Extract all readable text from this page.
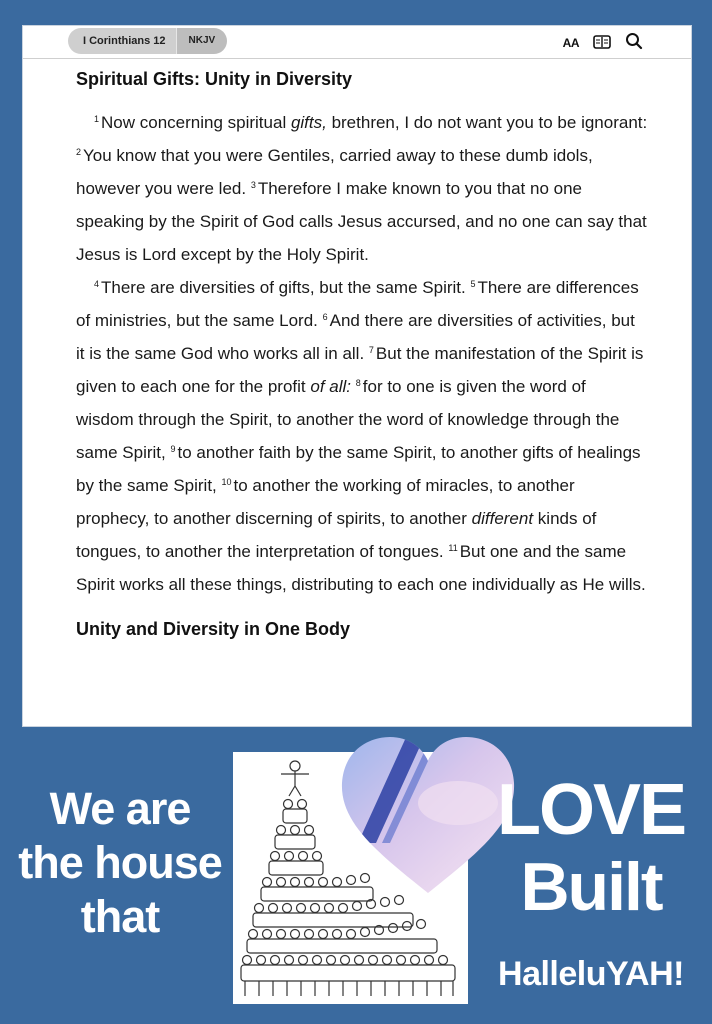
I Corinthians 12	NKJV	AA
Spiritual Gifts: Unity in Diversity

$^1$ Now concerning spiritual gifts, brethren, I do not want you to be ignorant: $^2$ You know that you were Gentiles, carried away to these dumb idols, however you were led. $^3$ Therefore I make known to you that no one speaking by the Spirit of God calls Jesus accursed, and no one can say that Jesus is Lord except by the Holy Spirit.

$^4$ There are diversities of gifts, but the same Spirit. $^5$ There are differences of ministries, but the same Lord. $^6$ And there are diversities of activities, but it is the same God who works all in all. $^7$ But the manifestation of the Spirit is given to each one for the profit of all: $^8$ for to one is given the word of wisdom through the Spirit, to another the word of knowledge through the same Spirit, $^9$ to another faith by the same Spirit, to another gifts of healings by the same Spirit, $^{10}$ to another the working of miracles, to another prophecy, to another discerning of spirits, to another different kinds of tongues, to another the interpretation of tongues. $^{11}$ But one and the same Spirit works all these things, distributing to each one individually as He wills.

Unity and Diversity in One Body
We are
the house
that
LOVE
Built
HalleluYAH!
